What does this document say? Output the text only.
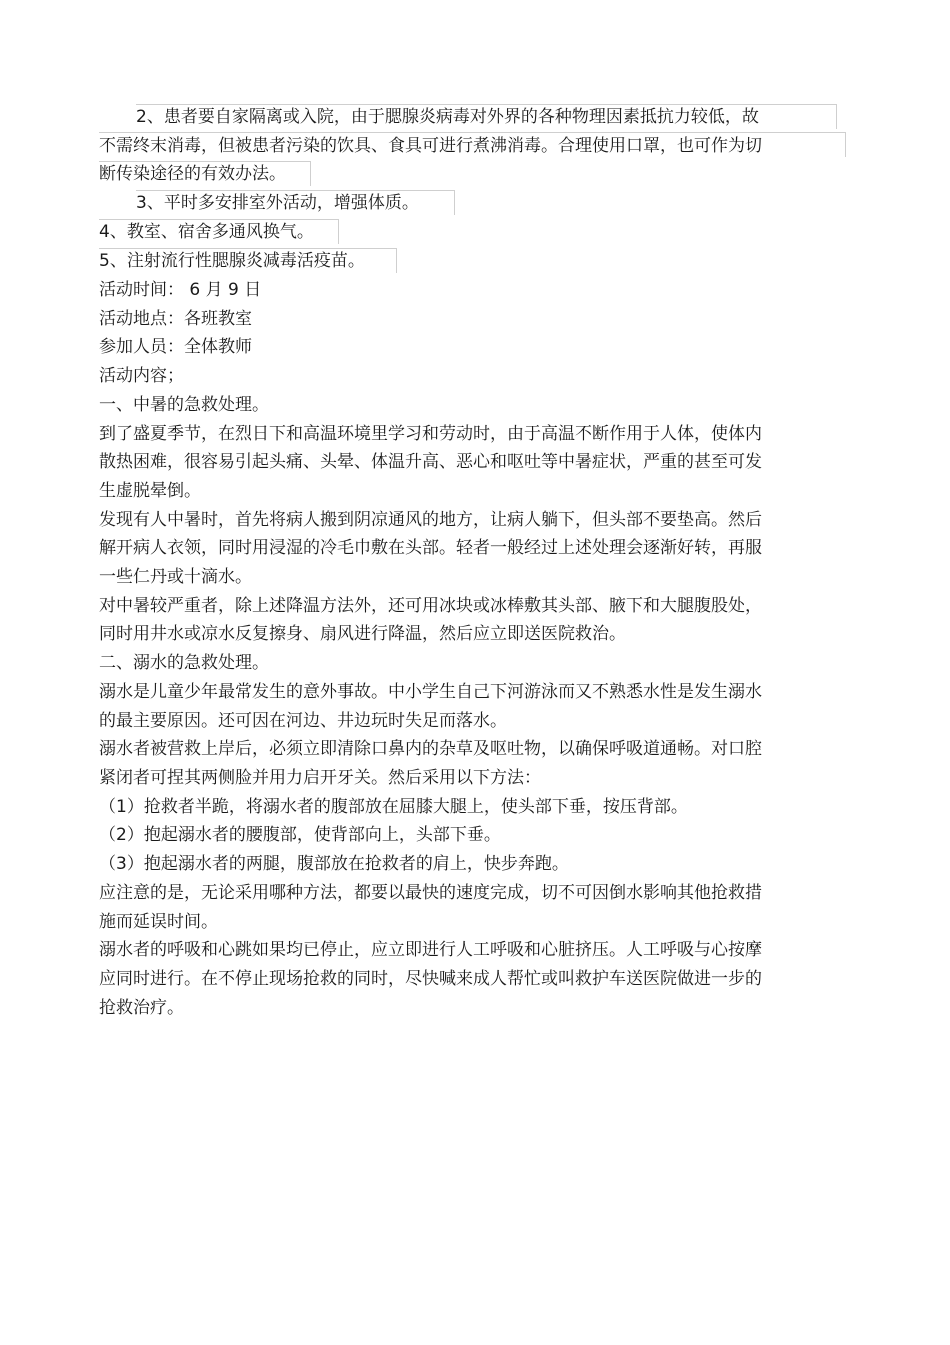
2、患者要自家隔离或入院，由于腮腺炎病毒对外界的各种物理因素抵抗力较低，故
不需终末消毒，但被患者污染的饮具、食具可进行煮沸消毒。合理使用口罩，也可作为切
断传染途径的有效办法。
3、平时多安排室外活动，增强体质。
4、教室、宿舍多通风换气。
5、注射流行性腮腺炎减毒活疫苗。
活动时间： 6 月 9 日
活动地点：各班教室
参加人员：全体教师
活动内容；
一、中暑的急救处理。
到了盛夏季节，在烈日下和高温环境里学习和劳动时，由于高温不断作用于人体，使体内
散热困难，很容易引起头痛、头晕、体温升高、恶心和呕吐等中暑症状，严重的甚至可发
生虚脱晕倒。
发现有人中暑时，首先将病人搬到阴凉通风的地方，让病人躺下，但头部不要垫高。然后
解开病人衣领，同时用浸湿的冷毛巾敷在头部。轻者一般经过上述处理会逐渐好转，再服
一些仁丹或十滴水。
对中暑较严重者，除上述降温方法外，还可用冰块或冰棒敷其头部、腋下和大腿腹股处，
同时用井水或凉水反复擦身、扇风进行降温，然后应立即送医院救治。
二、溺水的急救处理。
溺水是儿童少年最常发生的意外事故。中小学生自己下河游泳而又不熟悉水性是发生溺水
的最主要原因。还可因在河边、井边玩时失足而落水。
溺水者被营救上岸后，必须立即清除口鼻内的杂草及呕吐物，以确保呼吸道通畅。对口腔
紧闭者可捏其两侧脸并用力启开牙关。然后采用以下方法：
（1）抢救者半跪，将溺水者的腹部放在屈膝大腿上，使头部下垂，按压背部。
（2）抱起溺水者的腰腹部，使背部向上，头部下垂。
（3）抱起溺水者的两腿，腹部放在抢救者的肩上，快步奔跑。
应注意的是，无论采用哪种方法，都要以最快的速度完成，切不可因倒水影响其他抢救措
施而延误时间。
溺水者的呼吸和心跳如果均已停止，应立即进行人工呼吸和心脏挤压。人工呼吸与心按摩
应同时进行。在不停止现场抢救的同时，尽快喊来成人帮忙或叫救护车送医院做进一步的
抢救治疗。
